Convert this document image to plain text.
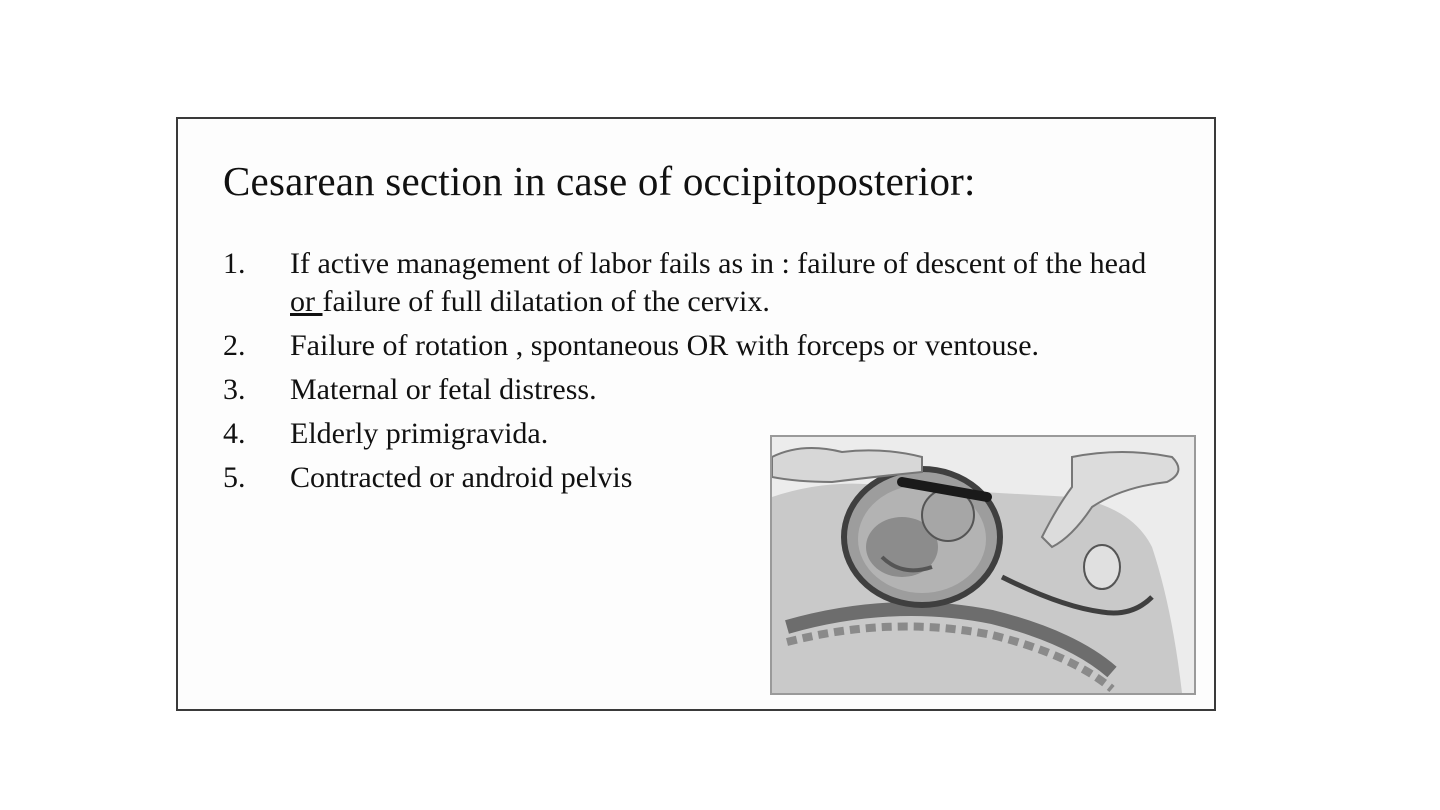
Cesarean section in case of occipitoposterior:
1. If active management of labor fails as in : failure of descent of the head or failure of full dilatation of the cervix.
2. Failure of rotation , spontaneous OR with forceps or ventouse.
3. Maternal or fetal distress.
4. Elderly primigravida.
5. Contracted or android pelvis
